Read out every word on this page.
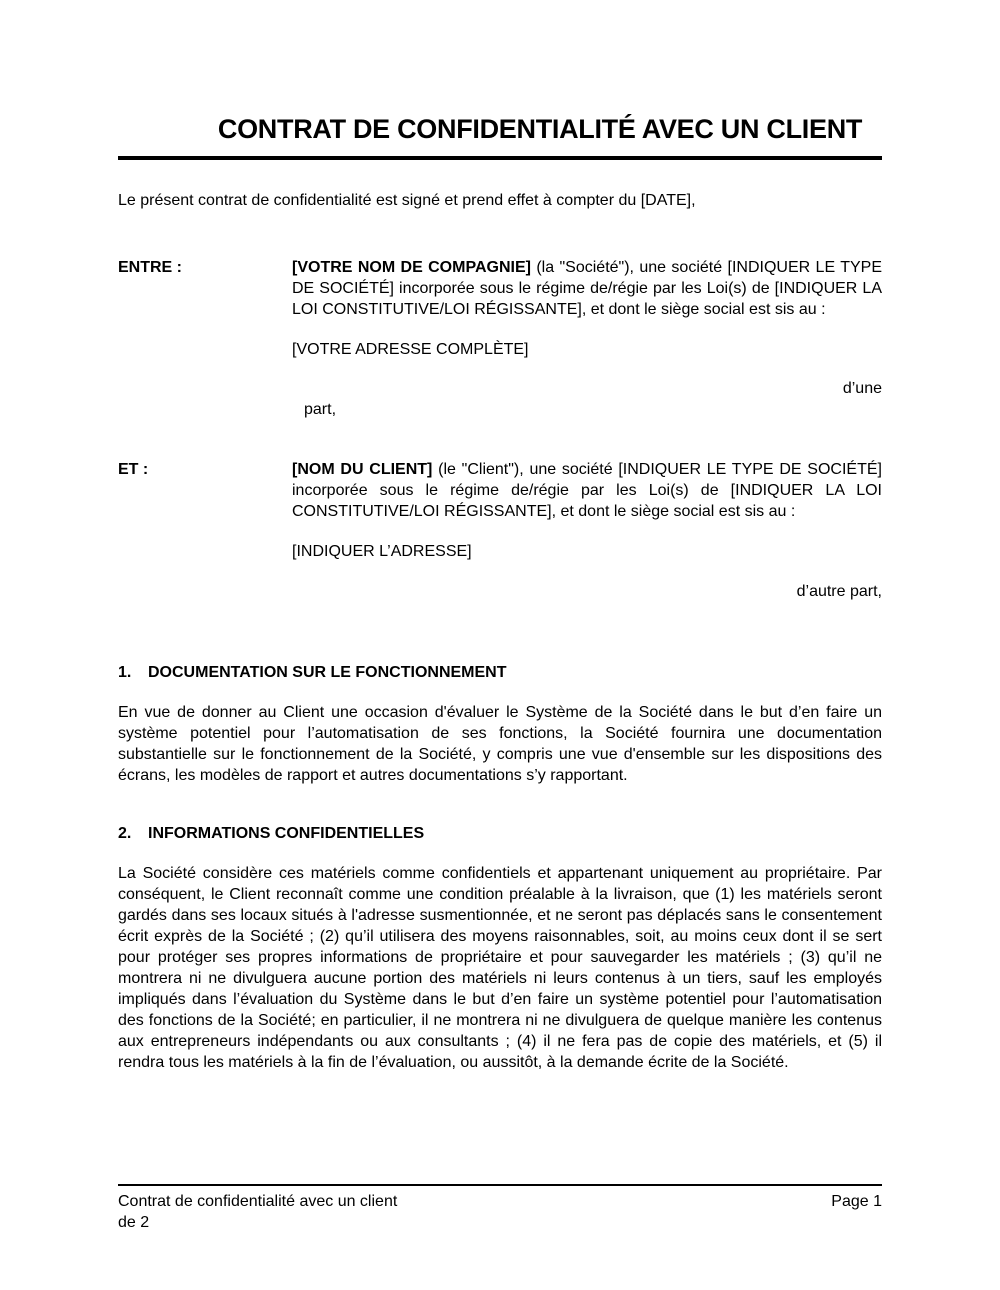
CONTRAT DE CONFIDENTIALITÉ AVEC UN CLIENT

Le présent contrat de confidentialité est signé et prend effet à compter du [DATE],

ENTRE :	[VOTRE NOM DE COMPAGNIE] (la "Société"), une société [INDIQUER LE TYPE DE SOCIÉTÉ] incorporée sous le régime de/régie par les Loi(s) de [INDIQUER LA LOI CONSTITUTIVE/LOI RÉGISSANTE], et dont le siège social est sis au :

[VOTRE ADRESSE COMPLÈTE]

d’une

part,

ET :	[NOM DU CLIENT] (le "Client"), une société [INDIQUER LE TYPE DE SOCIÉTÉ] incorporée sous le régime de/régie par les Loi(s) de [INDIQUER LA LOI CONSTITUTIVE/LOI RÉGISSANTE], et dont le siège social est sis au :

[INDIQUER L’ADRESSE]

d’autre part,

1.	DOCUMENTATION SUR LE FONCTIONNEMENT

En vue de donner au Client une occasion d'évaluer le Système de la Société dans le but d’en faire un système potentiel pour l’automatisation de ses fonctions, la Société fournira une documentation substantielle sur le fonctionnement de la Société, y compris une vue d'ensemble sur les dispositions des écrans, les modèles de rapport et autres documentations s’y rapportant.

2.	INFORMATIONS CONFIDENTIELLES

La Société considère ces matériels comme confidentiels et appartenant uniquement au propriétaire. Par conséquent, le Client reconnaît comme une condition préalable à la livraison, que (1) les matériels seront gardés dans ses locaux situés à l'adresse susmentionnée, et ne seront pas déplacés sans le consentement écrit exprès de la Société ; (2) qu’il utilisera des moyens raisonnables, soit, au moins ceux dont il se sert pour protéger ses propres informations de propriétaire et pour sauvegarder les matériels ; (3) qu’il ne montrera ni ne divulguera aucune portion des matériels ni leurs contenus à un tiers, sauf les employés impliqués dans l’évaluation du Système dans le but d’en faire un système potentiel pour l’automatisation des fonctions de la Société; en particulier, il ne montrera ni ne divulguera de quelque manière les contenus aux entrepreneurs indépendants ou aux consultants ; (4) il ne fera pas de copie des matériels, et (5) il rendra tous les matériels à la fin de l’évaluation, ou aussitôt, à la demande écrite de la Société.

Contrat de confidentialité avec un client
de 2
Page 1
